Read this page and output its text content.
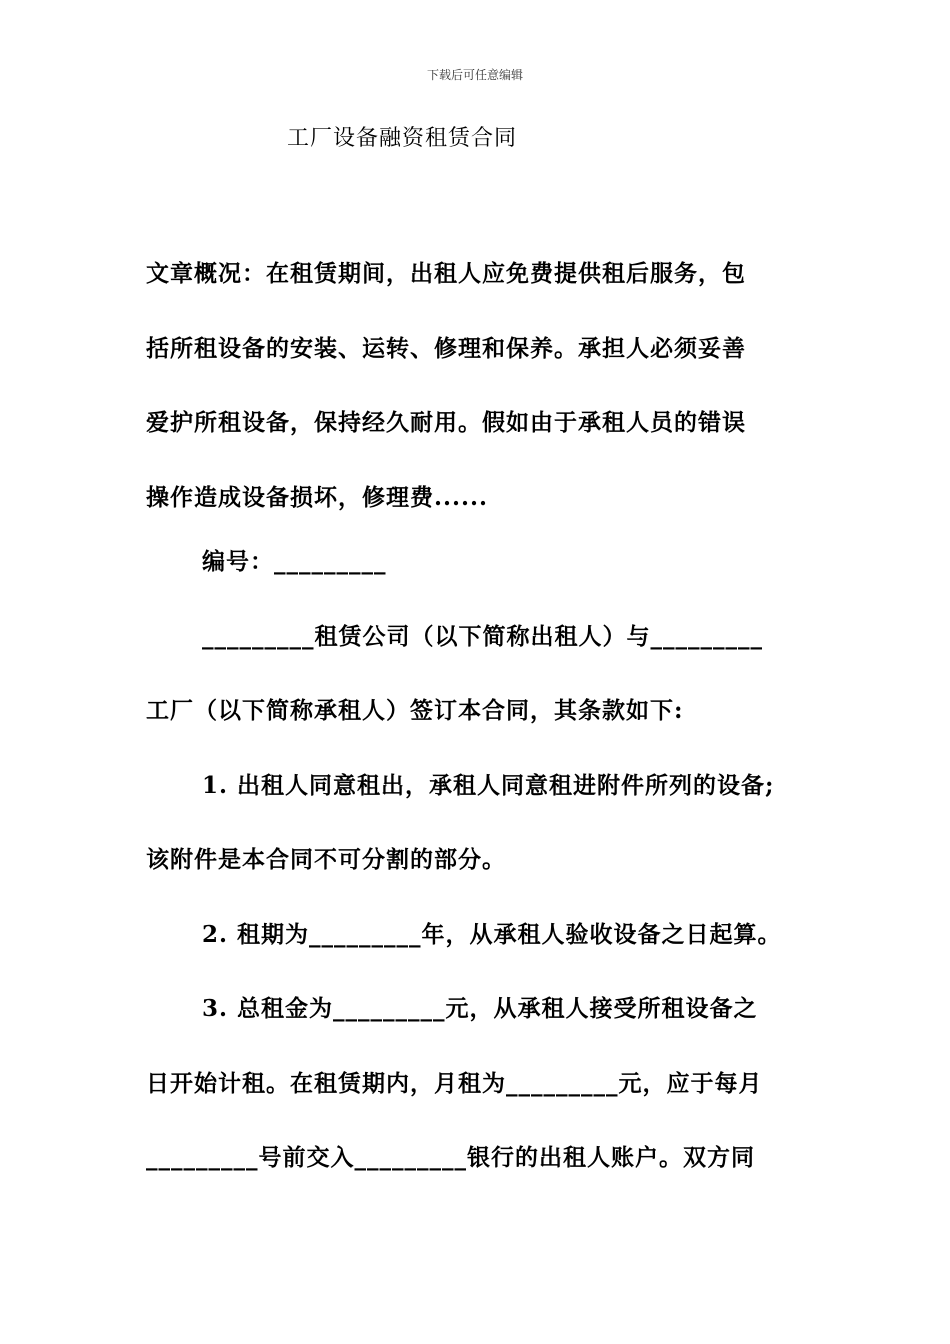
下载后可任意编辑
工厂设备融资租赁合同
文章概况：在租赁期间，出租人应免费提供租后服务，包
括所租设备的安装、运转、修理和保养。承担人必须妥善
爱护所租设备，保持经久耐用。假如由于承租人员的错误
操作造成设备损坏，修理费......
编号：_________
_________租赁公司（以下简称出租人）与_________
工厂（以下简称承租人）签订本合同，其条款如下:
1. 出租人同意租出，承租人同意租进附件所列的设备;
该附件是本合同不可分割的部分。
2. 租期为_________年，从承租人验收设备之日起算。
3. 总租金为_________元，从承租人接受所租设备之
日开始计租。在租赁期内，月租为_________元，应于每月
_________号前交入_________银行的出租人账户。双方同
